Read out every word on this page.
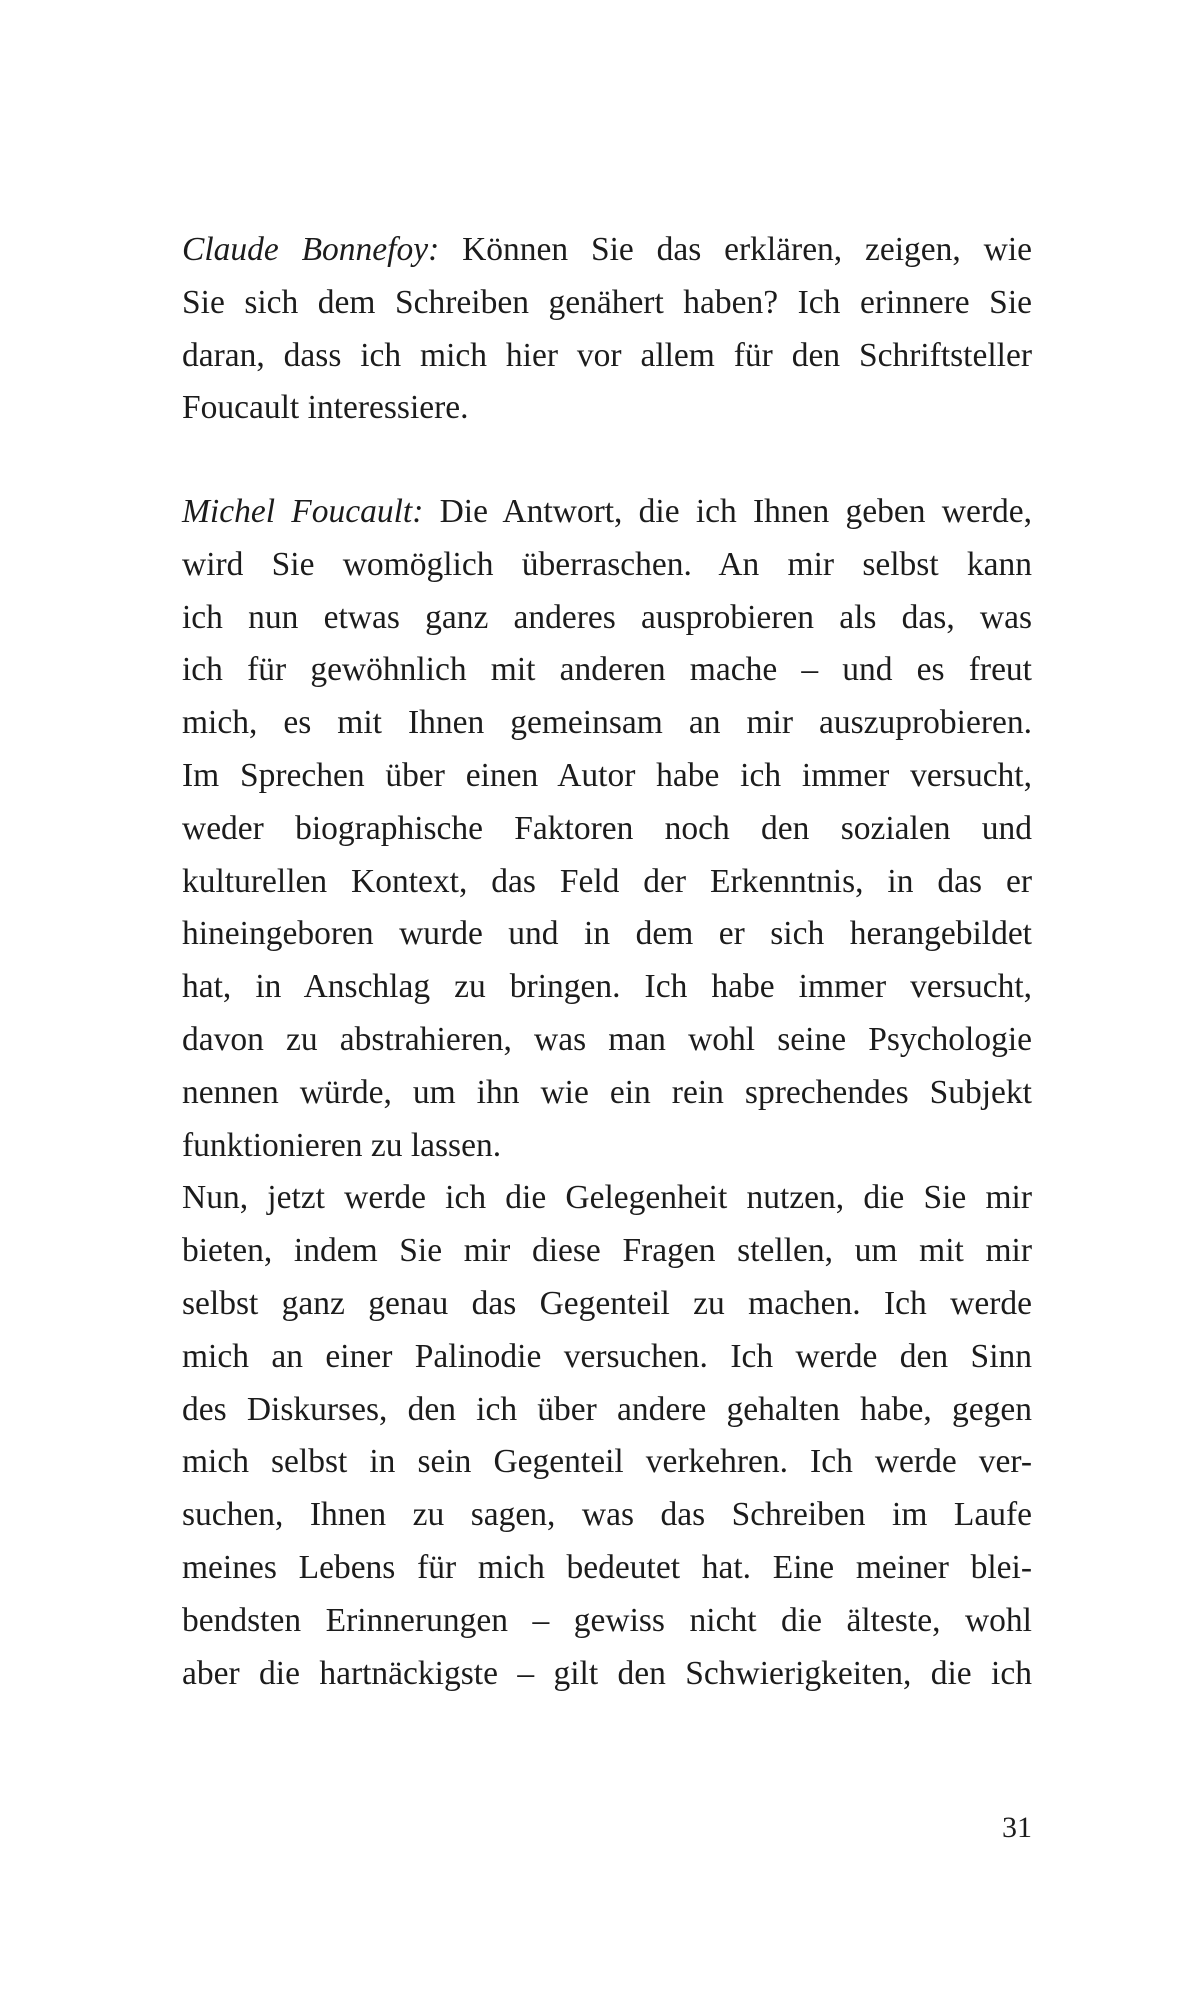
Claude Bonnefoy: Können Sie das erklären, zeigen, wie
Sie sich dem Schreiben genähert haben? Ich erinnere Sie
daran, dass ich mich hier vor allem für den Schriftsteller
Foucault interessiere.
Michel Foucault: Die Antwort, die ich Ihnen geben werde,
wird Sie womöglich überraschen. An mir selbst kann
ich nun etwas ganz anderes ausprobieren als das, was
ich für gewöhnlich mit anderen mache – und es freut
mich, es mit Ihnen gemeinsam an mir auszuprobieren.
Im Sprechen über einen Autor habe ich immer versucht,
weder biographische Faktoren noch den sozialen und
kulturellen Kontext, das Feld der Erkenntnis, in das er
hineingeboren wurde und in dem er sich herangebildet
hat, in Anschlag zu bringen. Ich habe immer versucht,
davon zu abstrahieren, was man wohl seine Psychologie
nennen würde, um ihn wie ein rein sprechendes Subjekt
funktionieren zu lassen.
Nun, jetzt werde ich die Gelegenheit nutzen, die Sie mir
bieten, indem Sie mir diese Fragen stellen, um mit mir
selbst ganz genau das Gegenteil zu machen. Ich werde
mich an einer Palinodie versuchen. Ich werde den Sinn
des Diskurses, den ich über andere gehalten habe, gegen
mich selbst in sein Gegenteil verkehren. Ich werde ver-
suchen, Ihnen zu sagen, was das Schreiben im Laufe
meines Lebens für mich bedeutet hat. Eine meiner blei-
bendsten Erinnerungen – gewiss nicht die älteste, wohl
aber die hartnäckigste – gilt den Schwierigkeiten, die ich
31
